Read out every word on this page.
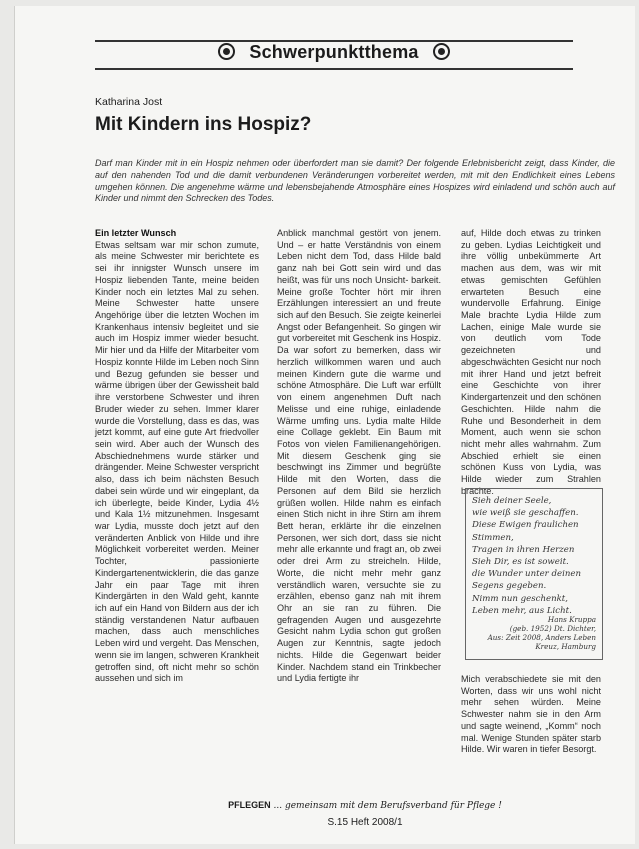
Schwerpunktthema
Katharina Jost
Mit Kindern ins Hospiz?
Darf man Kinder mit in ein Hospiz nehmen oder überfordert man sie damit? Der folgende Erlebnisbericht zeigt, dass Kinder, die auf den nahenden Tod und die damit verbundenen Veränderungen vorbereitet werden, mit mit den Endlichkeit eines Lebens umgehen können. Die angenehme wärme und lebensbejahende Atmosphäre eines Hospizes wird einladend und schön auch auf Kinder und nimmt den Schrecken des Todes.
Ein letzter Wunsch

Etwas seltsam war mir schon zumute, als meine Schwester mir berichtete es sei ihr innigster Wunsch unsere im Hospiz liebenden Tante, meine beiden Kinder noch ein letztes Mal zu sehen. Meine Schwester hatte unsere Angehörige über die letzten Wochen im Krankenhaus intensiv begleitet und sie auch im Hospiz immer wieder besucht. Mir hier und da Hilfe der Mitarbeiter vom Hospiz konnte Hilde im Leben noch Sinn und Bezug gefunden sie besser und wärme übrigen über der Gewissheit bald ihre verstorbene Schwester und ihren Bruder wieder zu sehen. Immer klarer wurde die Vorstellung, dass es das, was jetzt kommt, auf eine gute Art friedvoller sein wird. Aber auch der Wunsch des Abschiednehmens wurde stärker und drängender. Meine Schwester verspricht also, dass ich beim nächsten Besuch dabei sein würde und wir eingeplant, da ich überlegte, beide Kinder, Lydia 4½ und Kala 1½ mitzunehmen. Insgesamt war Lydia, musste doch jetzt auf den veränderten Anblick von Hilde und ihre Möglichkeit vorbereitet werden. Meiner Tochter, passionierte Kindergartenentwicklerin, die das ganze Jahr ein paar Tage mit ihren Kindergärten in den Wald geht, kannte ich auf ein Hand von Bildern aus der ich ständig verstandenen Natur aufbauen machen, dass auch menschliches Leben wird und vergeht. Das Menschen, wenn sie im langen, schweren Krankheit getroffen sind, oft nicht mehr so schön aussehen und sich im

Anblick manchmal gestört von jenem. Und – er hatte Verständnis von einem Leben nicht dem Tod, dass Hilde bald ganz nah bei Gott sein wird und das heißt, was für uns noch Unsicht- barkeit. Meine große Tochter hört mir ihren Erzählungen interessiert an und freute sich auf den Besuch. Sie zeigte keinerlei Angst oder Befangenheit. So gingen wir gut vorbereitet mit Geschenk ins Hospiz. Da war sofort zu bemerken, dass wir herzlich willkommen waren und auch meinen Kindern gute die warme und schöne Atmosphäre. Die Luft war erfüllt von einem angenehmen Duft nach Melisse und eine ruhige, einladende Wärme umfing uns. Lydia malte Hilde eine Collage geklebt. Ein Baum mit Fotos von vielen Familienangehörigen. Mit diesem Geschenk ging sie beschwingt ins Zimmer und begrüßte Hilde mit den Worten, dass die Personen auf dem Bild sie herzlich grüßen wollen. Hilde nahm es einfach einen Stich nicht in ihre Stirn am ihrem Bett heran, erklärte ihr die einzelnen Personen, wer sich dort, dass sie nicht mehr alle erkannte und fragt an, ob zwei oder drei Arm zu streicheln. Hilde, Worte, die nicht mehr mehr ganz verständlich waren, versuchte sie zu erzählen, ebenso ganz nah mit ihrem Ohr an sie ran zu führen. Die gefragenden Augen und ausgezehrte Gesicht nahm Lydia schon gut großen Augen zur Kenntnis, sagte jedoch nichts. Hilde die Gegenwart beider Kinder. Nachdem stand ein Trinkbecher und Lydia fertigte ihr

auf, Hilde doch etwas zu trinken zu geben. Lydias Leichtigkeit und ihre völlig unbekümmerte Art machen aus dem, was wir mit etwas gemischten Gefühlen erwarteten Besuch eine wundervolle Erfahrung. Einige Male brachte Lydia Hilde zum Lachen, einige Male wurde sie von deutlich vom Tode gezeichneten und abgeschwächten Gesicht nur noch mit ihrer Hand und jetzt befreit eine Geschichte von ihrer Kindergartenzeit und den schönen Geschichten. Hilde nahm die Ruhe und Besonderheit in dem Moment, auch wenn sie schon nicht mehr alles wahrnahm. Zum Abschied erhielt sie einen schönen Kuss von Lydia, was Hilde wieder zum Strahlen brachte.

Sieh deiner Seele,
wie weiß sie geschaffen.
Diese Ewigen fraulichen Stimmen,
Tragen in ihren Herzen
Sieh Dir, es ist soweit.
die Wunder unter deinen
Segens gegeben.
Nimm nun geschenkt,
Leben mehr, aus Licht.
Hans Kruppa
(geb. 1952) Dt. Dichter,
Aus: Zeit 2008, Anders Leben
Kreuz, Hamburg
Mich verabschiedete sie mit den Worten, dass wir uns wohl nicht mehr sehen würden. Meine Schwester nahm sie in den Arm und sagte weinend, „Komm“ noch mal. Wenige Stunden später starb Hilde. Wir waren in tiefer Besorgt.
PFLEGEN ... gemeinsam mit dem Berufsverband für Pflege !
S.15 Heft 2008/1
